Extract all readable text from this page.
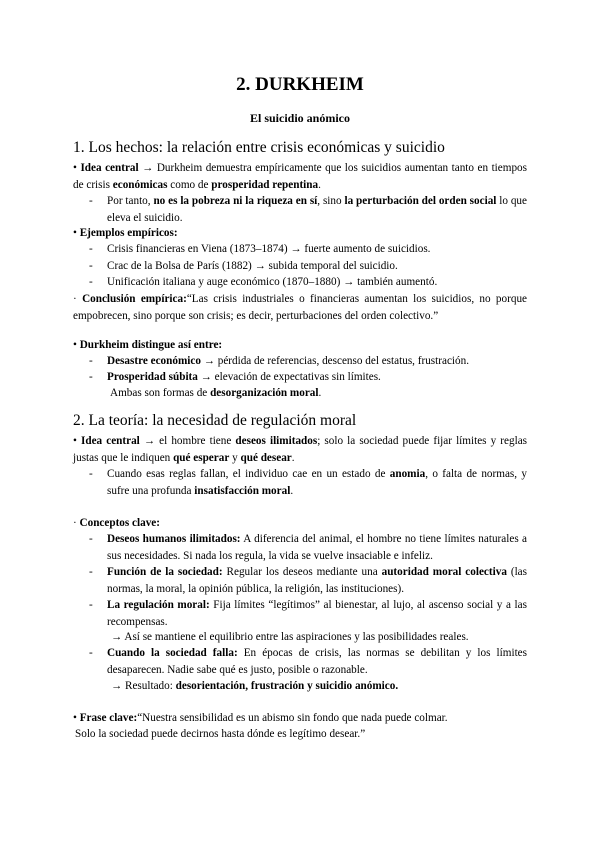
2. DURKHEIM
El suicidio anómico
1. Los hechos: la relación entre crisis económicas y suicidio
• Idea central → Durkheim demuestra empíricamente que los suicidios aumentan tanto en tiempos de crisis económicas como de prosperidad repentina.
- Por tanto, no es la pobreza ni la riqueza en sí, sino la perturbación del orden social lo que eleva el suicidio.
• Ejemplos empíricos:
- Crisis financieras en Viena (1873–1874) → fuerte aumento de suicidios.
- Crac de la Bolsa de París (1882) → subida temporal del suicidio.
- Unificación italiana y auge económico (1870–1880) → también aumentó.
· Conclusión empírica:“Las crisis industriales o financieras aumentan los suicidios, no porque empobrecen, sino porque son crisis; es decir, perturbaciones del orden colectivo.”
• Durkheim distingue así entre:
- Desastre económico → pérdida de referencias, descenso del estatus, frustración.
- Prosperidad súbita → elevación de expectativas sin límites.
Ambas son formas de desorganización moral.
2. La teoría: la necesidad de regulación moral
• Idea central → el hombre tiene deseos ilimitados; solo la sociedad puede fijar límites y reglas justas que le indiquen qué esperar y qué desear.
- Cuando esas reglas fallan, el individuo cae en un estado de anomia, o falta de normas, y sufre una profunda insatisfacción moral.
· Conceptos clave:
- Deseos humanos ilimitados: A diferencia del animal, el hombre no tiene límites naturales a sus necesidades. Si nada los regula, la vida se vuelve insaciable e infeliz.
- Función de la sociedad: Regular los deseos mediante una autoridad moral colectiva (las normas, la moral, la opinión pública, la religión, las instituciones).
- La regulación moral: Fija límites “legítimos” al bienestar, al lujo, al ascenso social y a las recompensas.
→ Así se mantiene el equilibrio entre las aspiraciones y las posibilidades reales.
- Cuando la sociedad falla: En épocas de crisis, las normas se debilitan y los límites desaparecen. Nadie sabe qué es justo, posible o razonable.
→ Resultado: desorientación, frustración y suicidio anómico.
• Frase clave:“Nuestra sensibilidad es un abismo sin fondo que nada puede colmar.
Solo la sociedad puede decirnos hasta dónde es legítimo desear.”
